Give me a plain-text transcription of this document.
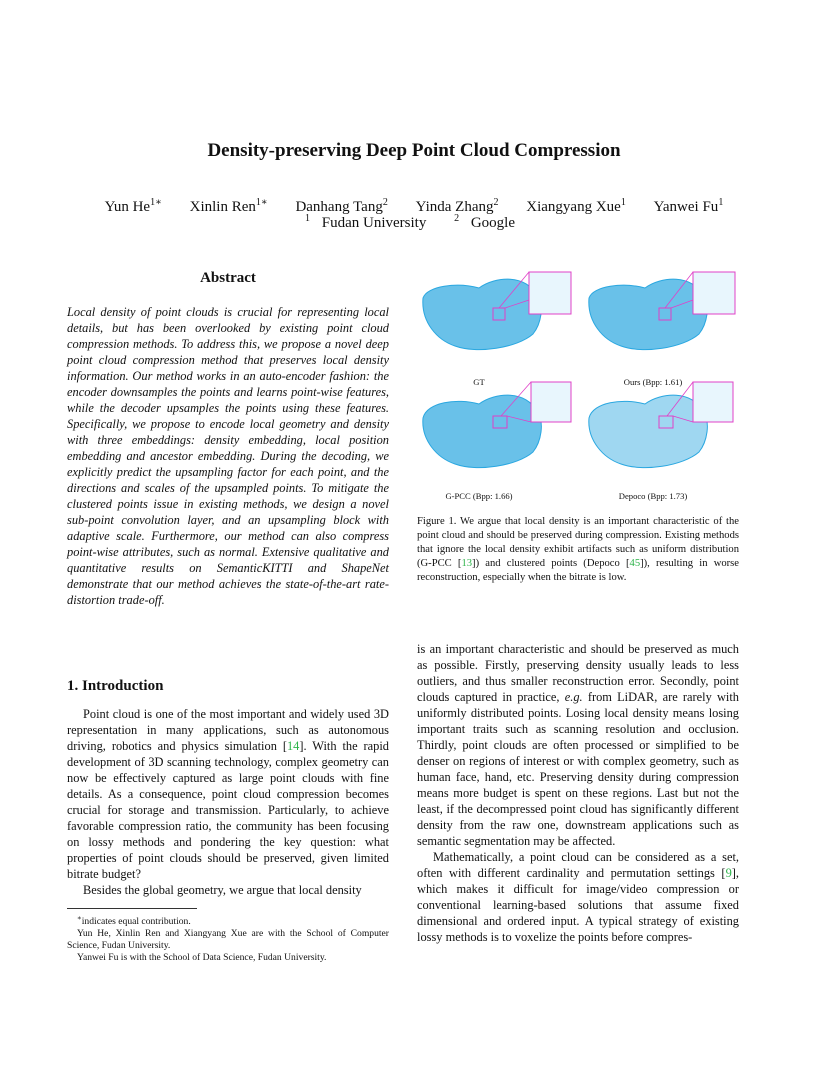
Density-preserving Deep Point Cloud Compression
Yun $He^{1∗}$ Xinlin Ren$^{1∗}$ Danhang Tang$^2$ Yinda Zhang$^2$ Xiangyang Xue$^1$ Yanwei Fu$^1$
$^1$ Fudan University	$^2$ Google
Abstract
Local density of point clouds is crucial for representing local details, but has been overlooked by existing point cloud compression methods. To address this, we propose a novel deep point cloud compression method that preserves local density information. Our method works in an auto-encoder fashion: the encoder downsamples the points and learns point-wise features, while the decoder upsamples the points using these features. Specifically, we propose to encode local geometry and density with three embeddings: density embedding, local position embedding and ancestor embedding. During the decoding, we explicitly predict the upsampling factor for each point, and the directions and scales of the upsampled points. To mitigate the clustered points issue in existing methods, we design a novel sub-point convolution layer, and an upsampling block with adaptive scale. Furthermore, our method can also compress point-wise attributes, such as normal. Extensive qualitative and quantitative results on SemanticKITTI and ShapeNet demonstrate that our method achieves the state-of-the-art rate-distortion trade-off.
1. Introduction

Point cloud is one of the most important and widely used 3D representation in many applications, such as autonomous driving, robotics and physics simulation [14]. With the rapid development of 3D scanning technology, complex geometry can now be effectively captured as large point clouds with fine details. As a consequence, point cloud compression becomes crucial for storage and transmission. Particularly, to achieve favorable compression ratio, the community has been focusing on lossy methods and pondering the key question: what properties of point clouds should be preserved, given limited bitrate budget?

Besides the global geometry, we argue that local density

∗indicates equal contribution.

Yun He, Xinlin Ren and Xiangyang Xue are with the School of Computer Science, Fudan University.

Yanwei Fu is with the School of Data Science, Fudan University.

GT	Ours (Bpp: 1.61)
G-PCC (Bpp: 1.66)	Depoco (Bpp: 1.73)
Figure 1. We argue that local density is an important characteristic of the point cloud and should be preserved during compression. Existing methods that ignore the local density exhibit artifacts such as uniform distribution (G-PCC [13]) and clustered points (Depoco [45]), resulting in worse reconstruction, especially when the bitrate is low.

is an important characteristic and should be preserved as much as possible. Firstly, preserving density usually leads to less outliers, and thus smaller reconstruction error. Secondly, point clouds captured in practice, e.g. from LiDAR, are rarely with uniformly distributed points. Losing local density means losing important traits such as scanning resolution and occlusion. Thirdly, point clouds are often processed or simplified to be denser on regions of interest or with complex geometry, such as human face, hand, etc. Preserving density during compression means more budget is spent on these regions. Last but not the least, if the decompressed point cloud has significantly different density from the raw one, downstream applications such as semantic segmentation may be affected.

Mathematically, a point cloud can be considered as a set, often with different cardinality and permutation settings [9], which makes it difficult for image/video compression or conventional learning-based solutions that assume fixed dimensional and ordered input. A typical strategy of existing lossy methods is to voxelize the points before compres-
